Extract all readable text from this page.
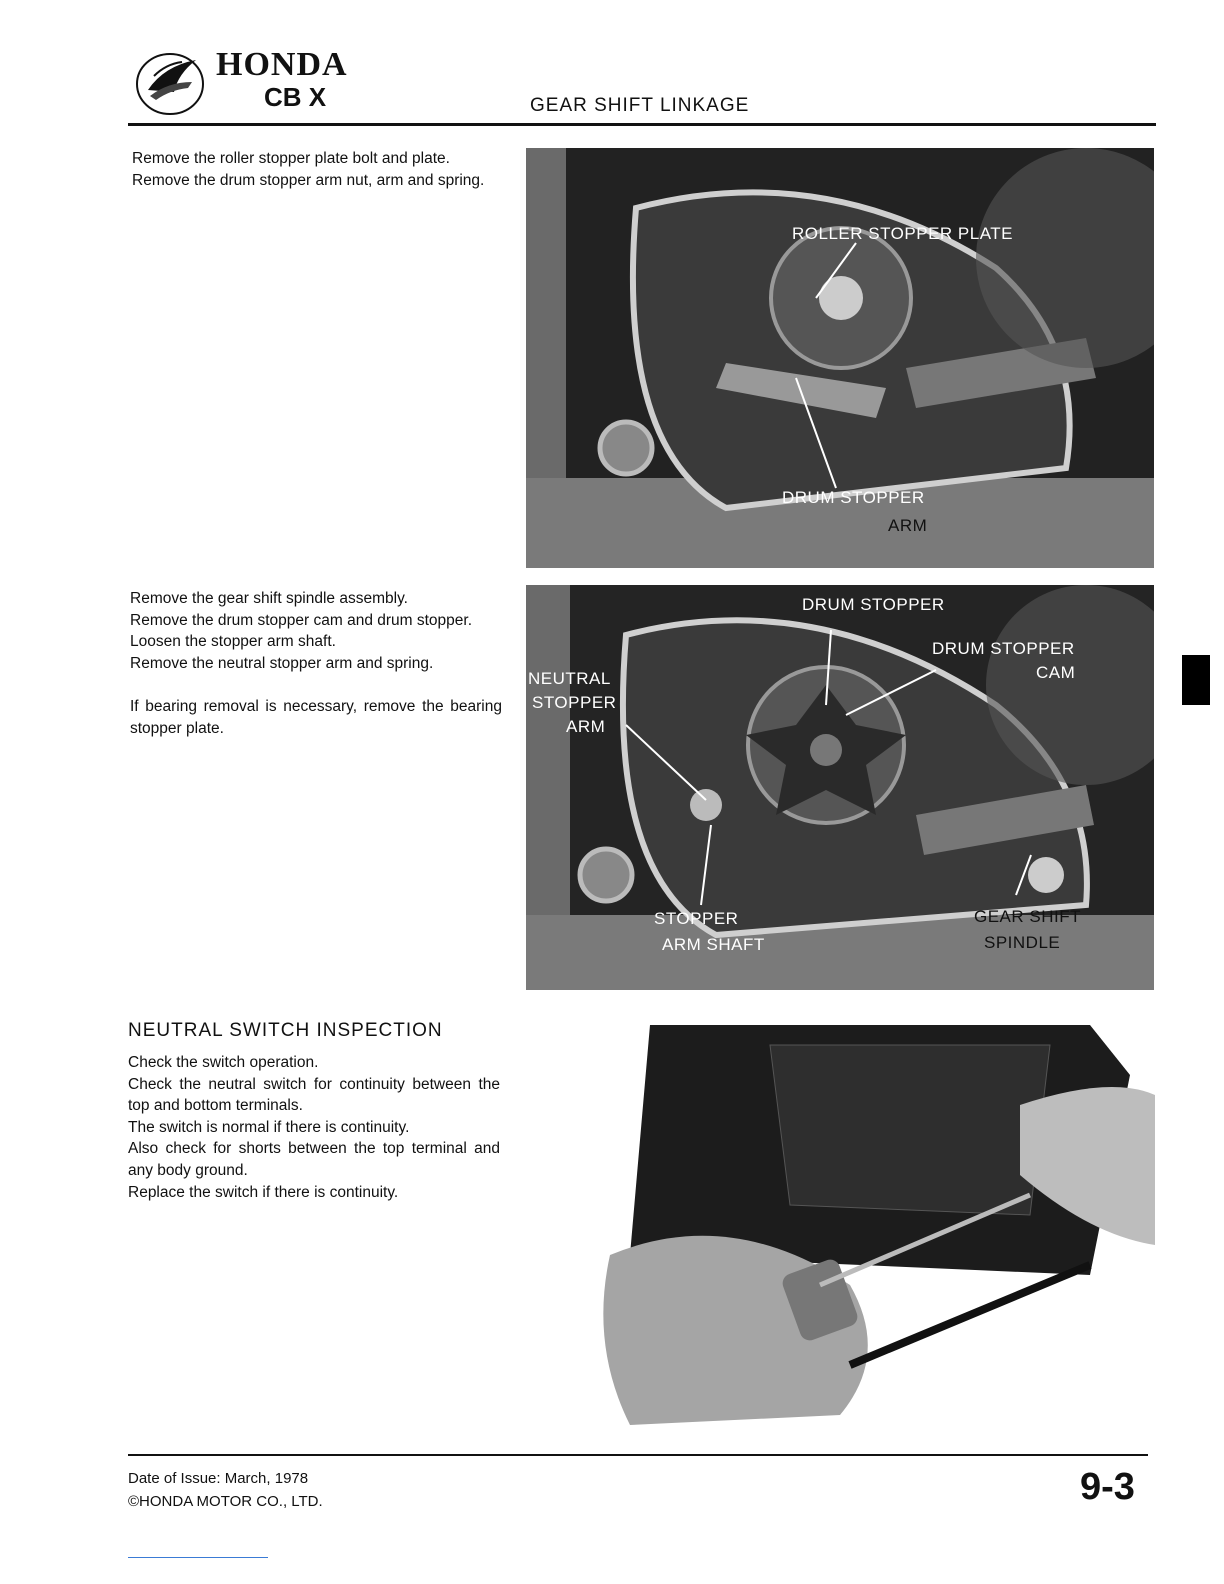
HONDA
CB X	GEAR SHIFT LINKAGE

Remove the roller stopper plate bolt and plate.

Remove the drum stopper arm nut, arm and spring.

ROLLER STOPPER PLATE
DRUM STOPPER
ARM

Remove the gear shift spindle assembly.

Remove the drum stopper cam and drum stopper.

Loosen the stopper arm shaft.

Remove the neutral stopper arm and spring.

If bearing removal is necessary, remove the bearing stopper plate.

DRUM STOPPER
DRUM STOPPER
CAM
NEUTRAL
STOPPER
ARM
STOPPER
ARM SHAFT
GEAR SHIFT
SPINDLE
NEUTRAL SWITCH INSPECTION

Check the switch operation.

Check the neutral switch for continuity between the top and bottom terminals.

The switch is normal if there is continuity.

Also check for shorts between the top terminal and any body ground.

Replace the switch if there is continuity.

Date of Issue: March, 1978
©HONDA MOTOR CO., LTD.	9-3
